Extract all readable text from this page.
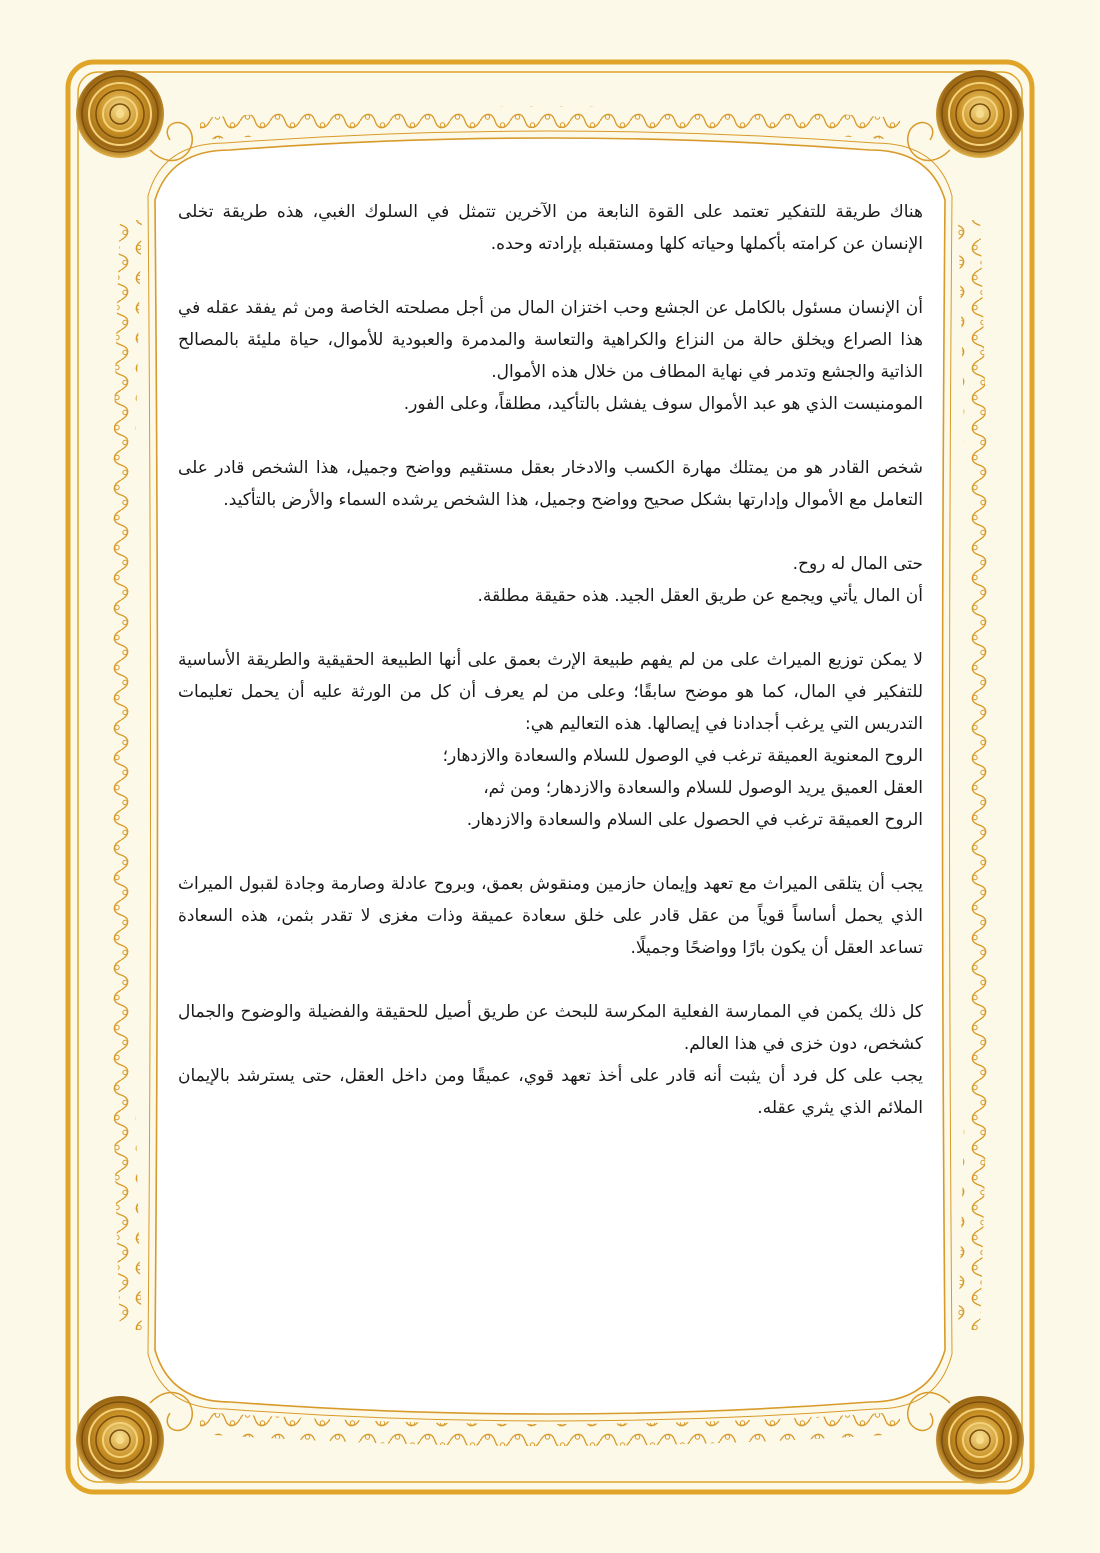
هناك طريقة للتفكير تعتمد على القوة النابعة من الآخرين تتمثل في السلوك الغبي، هذه طريقة تخلى الإنسان عن كرامته بأكملها وحياته كلها ومستقبله بإرادته وحده.

أن الإنسان مسئول بالكامل عن الجشع وحب اختزان المال من أجل مصلحته الخاصة ومن ثم يفقد عقله في هذا الصراع ويخلق حالة من النزاع والكراهية والتعاسة والمدمرة والعبودية للأموال، حياة مليئة بالمصالح الذاتية والجشع وتدمر في نهاية المطاف من خلال هذه الأموال.
المومنيست الذي هو عبد الأموال سوف يفشل بالتأكيد، مطلقاً، وعلى الفور.

شخص القادر هو من يمتلك مهارة الكسب والادخار بعقل مستقيم وواضح وجميل، هذا الشخص قادر على التعامل مع الأموال وإدارتها بشكل صحيح وواضح وجميل، هذا الشخص يرشده السماء والأرض بالتأكيد.

حتى المال له روح.
أن المال يأتي ويجمع عن طريق العقل الجيد. هذه حقيقة مطلقة.

لا يمكن توزيع الميراث على من لم يفهم طبيعة الإرث بعمق على أنها الطبيعة الحقيقية والطريقة الأساسية للتفكير في المال، كما هو موضح سابقًا؛ وعلى من لم يعرف أن كل من الورثة عليه أن يحمل تعليمات التدريس التي يرغب أجدادنا في إيصالها. هذه التعاليم هي:
الروح المعنوية العميقة ترغب في الوصول للسلام والسعادة والازدهار؛
العقل العميق يريد الوصول للسلام والسعادة والازدهار؛ ومن ثم،
الروح العميقة ترغب في الحصول على السلام والسعادة والازدهار.

يجب أن يتلقى الميراث مع تعهد وإيمان حازمين ومنقوش بعمق، وبروح عادلة وصارمة وجادة لقبول الميراث الذي يحمل أساساً قوياً من عقل قادر على خلق سعادة عميقة وذات مغزى لا تقدر بثمن، هذه السعادة تساعد العقل أن يكون بارًا وواضحًا وجميلًا.

كل ذلك يكمن في الممارسة الفعلية المكرسة للبحث عن طريق أصيل للحقيقة والفضيلة والوضوح والجمال كشخص، دون خزى في هذا العالم.
يجب على كل فرد أن يثبت أنه قادر على أخذ تعهد قوي، عميقًا ومن داخل العقل، حتى يسترشد بالإيمان الملائم الذي يثري عقله.
